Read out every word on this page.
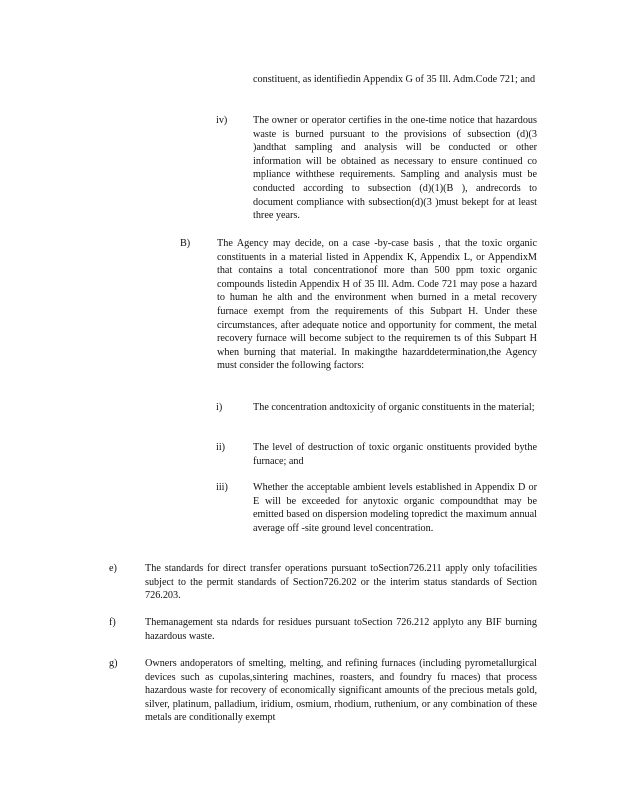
constituent, as identifiedin Appendix G of 35 Ill. Adm.Code 721; and

iv)	The owner or operator certifies in the one-time notice that hazardous waste is burned pursuant to the provisions of subsection (d)(3 )andthat sampling and analysis will be conducted or other information will be obtained as necessary to ensure continued co mpliance withthese requirements. Sampling and analysis must be conducted according to subsection (d)(1)(B ), andrecords to document compliance with subsection(d)(3 )must bekept for at least three years.

B)	The Agency may decide, on a case -by-case basis , that the toxic organic constituents in a material listed in Appendix K, Appendix L, or AppendixM that contains a total concentrationof more than 500 ppm toxic organic compounds listedin Appendix H of 35 Ill. Adm. Code 721 may pose a hazard to human he alth and the environment when burned in a metal recovery furnace exempt from the requirements of this Subpart H. Under these circumstances, after adequate notice and opportunity for comment, the metal recovery furnace will become subject to the requiremen ts of this Subpart H when burning that material. In makingthe hazarddetermination,the Agency must consider the following factors:

i)	The concentration andtoxicity of organic constituents in the material;

ii)	The level of destruction of toxic organic onstituents provided bythe furnace; and

iii) Whether the acceptable ambient levels established in Appendix D or E will be exceeded for anytoxic organic compoundthat may be emitted based on dispersion modeling topredict the maximum annual average off -site ground level concentration.

e)	The standards for direct transfer operations pursuant toSection726.211 apply only tofacilities subject to the permit standards of Section726.202 or the interim status standards of Section 726.203.

f)	Themanagement sta ndards for residues pursuant toSection 726.212 applyto any BIF burning hazardous waste.

g)	Owners andoperators of smelting, melting, and refining furnaces (including pyrometallurgical devices such as cupolas,sintering machines, roasters, and foundry fu rnaces) that process hazardous waste for recovery of economically significant amounts of the precious metals gold, silver, platinum, palladium, iridium, osmium, rhodium, ruthenium, or any combination of these metals are conditionally exempt
